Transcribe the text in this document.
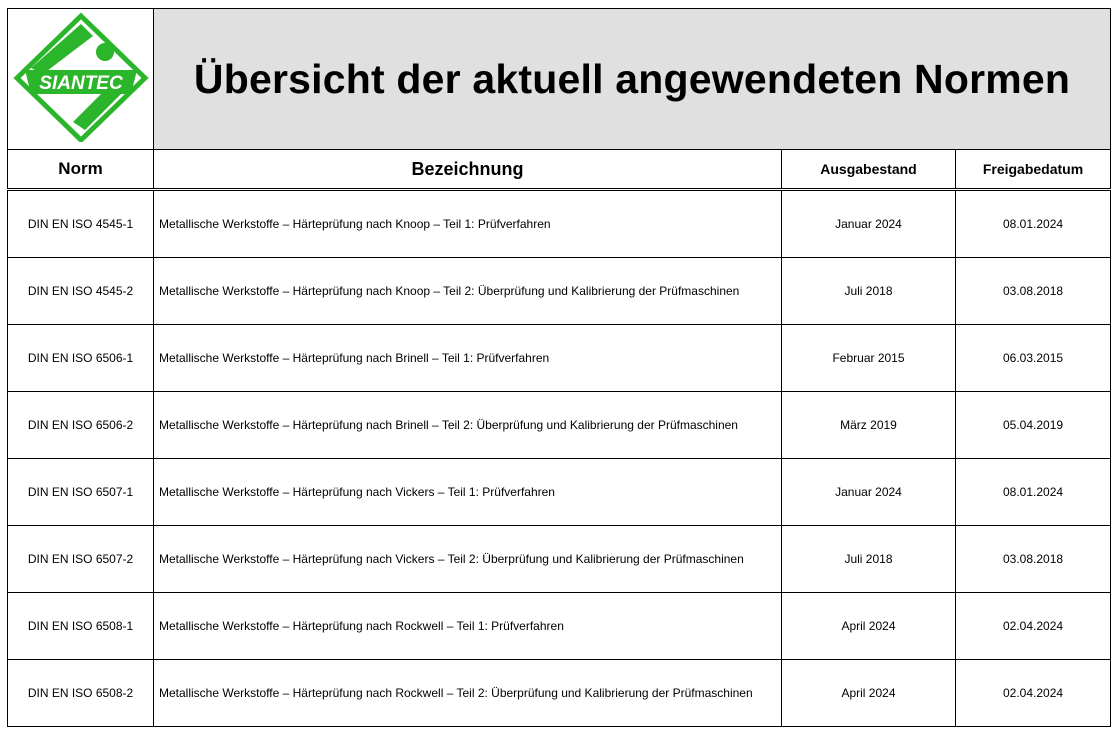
SIANTEC	Übersicht der aktuell angewendeten Normen		
Norm	Bezeichnung	Ausgabestand	Freigabedatum
DIN EN ISO 4545-1	Metallische Werkstoffe – Härteprüfung nach Knoop – Teil 1: Prüfverfahren	Januar 2024	08.01.2024
DIN EN ISO 4545-2	Metallische Werkstoffe – Härteprüfung nach Knoop – Teil 2: Überprüfung und Kalibrierung der Prüfmaschinen	Juli 2018	03.08.2018
DIN EN ISO 6506-1	Metallische Werkstoffe – Härteprüfung nach Brinell – Teil 1: Prüfverfahren	Februar 2015	06.03.2015
DIN EN ISO 6506-2	Metallische Werkstoffe – Härteprüfung nach Brinell – Teil 2: Überprüfung und Kalibrierung der Prüfmaschinen	März 2019	05.04.2019
DIN EN ISO 6507-1	Metallische Werkstoffe – Härteprüfung nach Vickers – Teil 1: Prüfverfahren	Januar 2024	08.01.2024
DIN EN ISO 6507-2	Metallische Werkstoffe – Härteprüfung nach Vickers – Teil 2: Überprüfung und Kalibrierung der Prüfmaschinen	Juli 2018	03.08.2018
DIN EN ISO 6508-1	Metallische Werkstoffe – Härteprüfung nach Rockwell – Teil 1: Prüfverfahren	April 2024	02.04.2024
DIN EN ISO 6508-2	Metallische Werkstoffe – Härteprüfung nach Rockwell – Teil 2: Überprüfung und Kalibrierung der Prüfmaschinen	April 2024	02.04.2024
